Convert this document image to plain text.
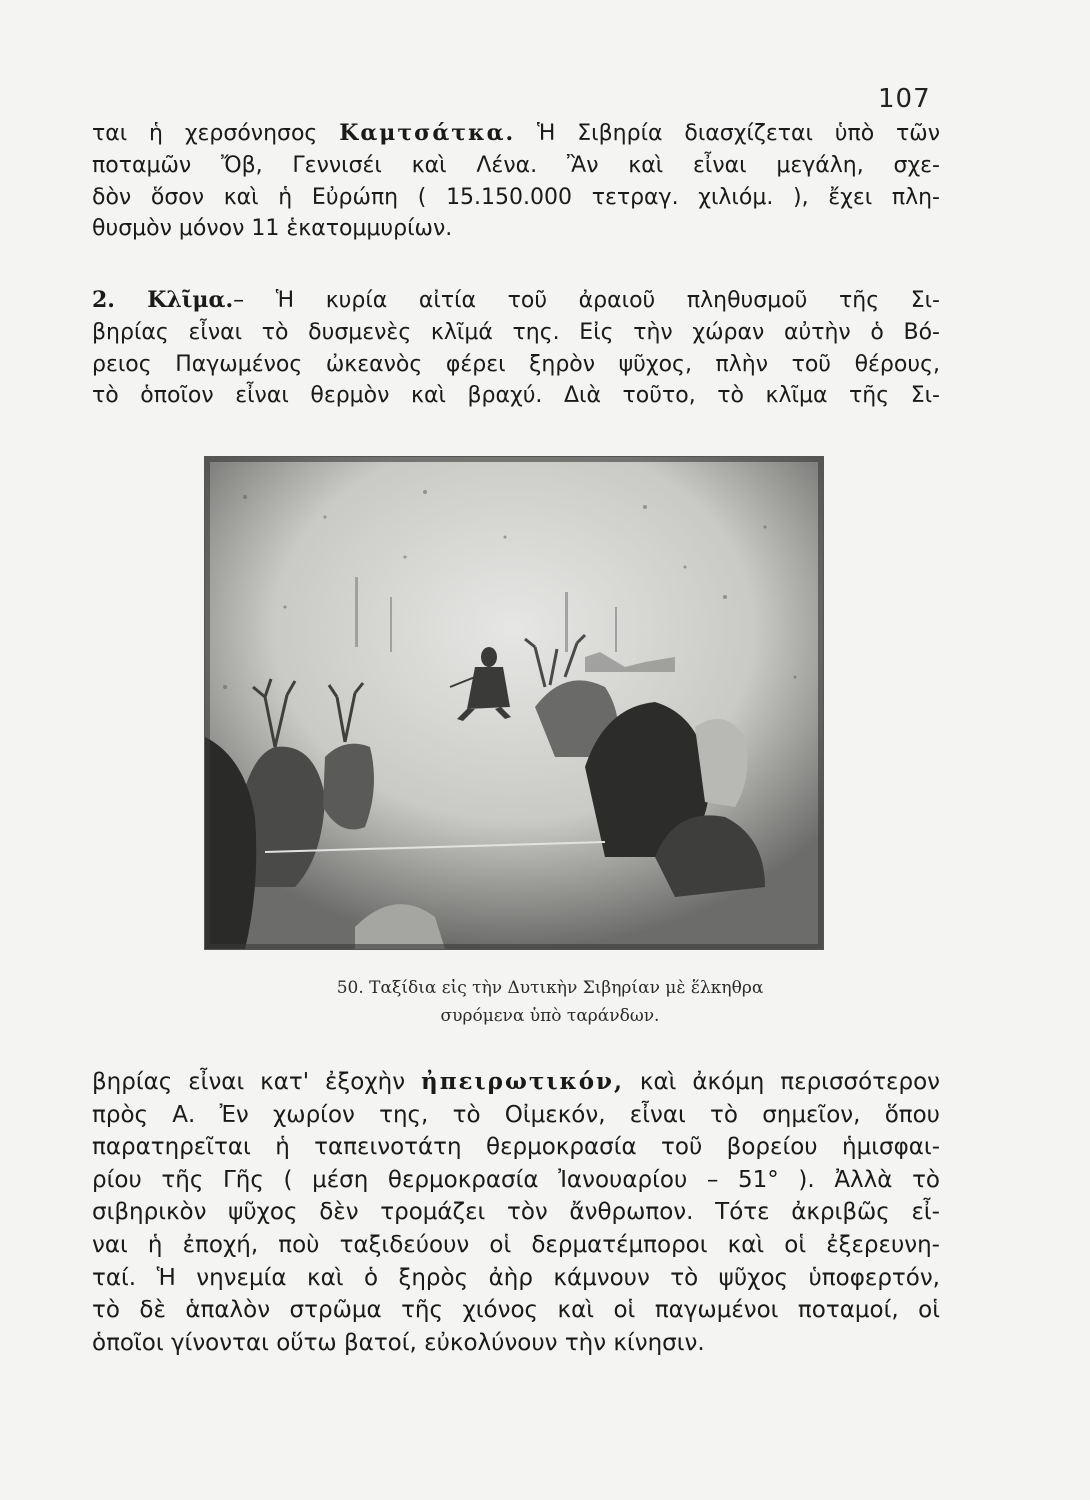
107
ται ἡ χερσόνησος Καμτσάτκα. Ἡ Σιβηρία διασχίζεται ὑπὸ τῶν
ποταμῶν Ὄβ, Γεννισέι καὶ Λένα. Ἂν καὶ εἶναι μεγάλη, σχε-
δὸν ὅσον καὶ ἡ Εὐρώπη ( 15.150.000 τετραγ. χιλιόμ. ), ἔχει πλη-
θυσμὸν μόνον 11 ἑκατομμυρίων.
2. Κλῖμα.– Ἡ κυρία αἰτία τοῦ ἀραιοῦ πληθυσμοῦ τῆς Σι-
βηρίας εἶναι τὸ δυσμενὲς κλῖμά της. Εἰς τὴν χώραν αὐτὴν ὁ Βό-
ρειος Παγωμένος ὠκεανὸς φέρει ξηρὸν ψῦχος, πλὴν τοῦ θέρους,
τὸ ὁποῖον εἶναι θερμὸν καὶ βραχύ. Διὰ τοῦτο, τὸ κλῖμα τῆς Σι-
50. Ταξίδια εἰς τὴν Δυτικὴν Σιβηρίαν μὲ ἕλκηθρα
συρόμενα ὑπὸ ταράνδων.
βηρίας εἶναι κατ' ἐξοχὴν ἠπειρωτικόν, καὶ ἀκόμη περισσότερον
πρὸς Α. Ἐν χωρίον της, τὸ Οἰμεκόν, εἶναι τὸ σημεῖον, ὅπου
παρατηρεῖται ἡ ταπεινοτάτη θερμοκρασία τοῦ βορείου ἡμισφαι-
ρίου τῆς Γῆς ( μέση θερμοκρασία Ἰανουαρίου – 51° ). Ἀλλὰ τὸ
σιβηρικὸν ψῦχος δὲν τρομάζει τὸν ἄνθρωπον. Τότε ἀκριβῶς εἶ-
ναι ἡ ἐποχή, ποὺ ταξιδεύουν οἱ δερματέμποροι καὶ οἱ ἐξερευνη-
ταί. Ἡ νηνεμία καὶ ὁ ξηρὸς ἀὴρ κάμνουν τὸ ψῦχος ὑποφερτόν,
τὸ δὲ ἁπαλὸν στρῶμα τῆς χιόνος καὶ οἱ παγωμένοι ποταμοί, οἱ
ὁποῖοι γίνονται οὕτω βατοί, εὐκολύνουν τὴν κίνησιν.
